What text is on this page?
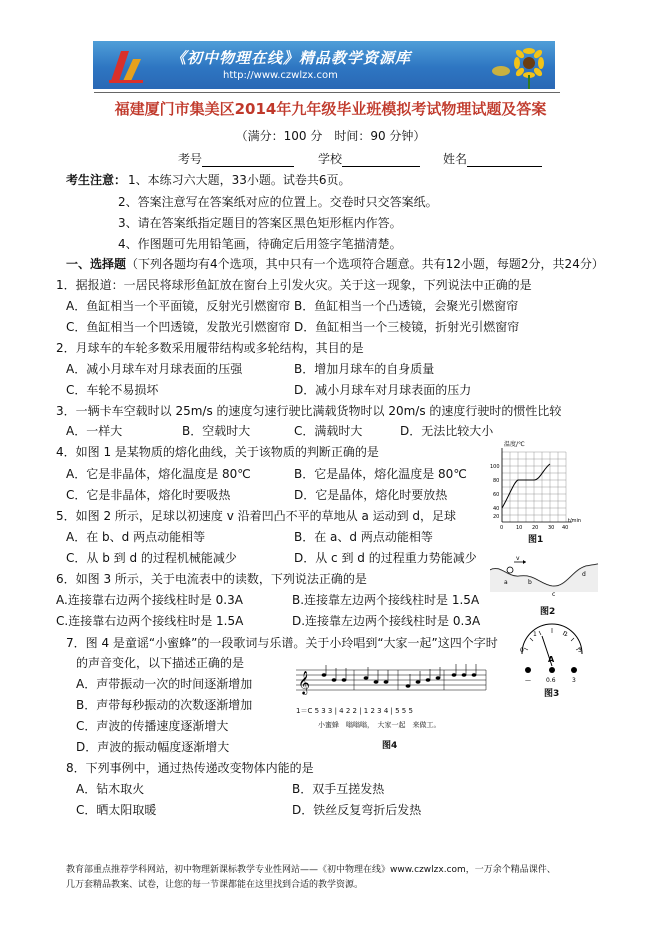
《初中物理在线》精品教学资源库
http://www.czwlzx.com
福建厦门市集美区2014年九年级毕业班模拟考试物理试题及答案
（满分：100 分　时间：90 分钟）
考号	学校	姓名
考生注意： 1、本练习六大题，33小题。试卷共6页。
2、答案注意写在答案纸对应的位置上。交卷时只交答案纸。
3、请在答案纸指定题目的答案区黑色矩形框内作答。
4、作图题可先用铅笔画，待确定后用签字笔描清楚。
一、选择题（下列各题均有4个选项，其中只有一个选项符合题意。共有12小题，每题2分，共24分）
1．据报道：一居民将球形鱼缸放在窗台上引发火灾。关于这一现象，下列说法中正确的是
A．鱼缸相当一个平面镜，反射光引燃窗帘 B．鱼缸相当一个凸透镜，会聚光引燃窗帘
C．鱼缸相当一个凹透镜，发散光引燃窗帘 D．鱼缸相当一个三棱镜，折射光引燃窗帘
2．月球车的车轮多数采用履带结构或多轮结构，其目的是
A．减小月球车对月球表面的压强	B．增加月球车的自身质量
C．车轮不易损坏	D．减小月球车对月球表面的压力
3．一辆卡车空载时以 25m/s 的速度匀速行驶比满载货物时以 20m/s 的速度行驶时的惯性比较
A．一样大	B．空载时大	C．满载时大	D．无法比较大小
4．如图 1 是某物质的熔化曲线，关于该物质的判断正确的是
A．它是非晶体，熔化温度是 80℃	B．它是晶体，熔化温度是 80℃
C．它是非晶体，熔化时要吸热	D．它是晶体，熔化时要放热
温度/℃
100
80
60
40
20
0	10 20 30 40
t/min
图1
5．如图 2 所示，足球以初速度 v 沿着凹凸不平的草地从 a 运动到 d，足球
A．在 b、d 两点动能相等	B．在 a、d 两点动能相等
C．从 b 到 d 的过程机械能减少	D．从 c 到 d 的过程重力势能减少	v
a	b
c
d
图2
6．如图 3 所示，关于电流表中的读数，下列说法正确的是
A.连接靠右边两个接线柱时是 0.3A	B.连接靠左边两个接线柱时是 1.5A
C.连接靠右边两个接线柱时是 1.5A	D.连接靠左边两个接线柱时是 0.3A
0
1	2
3
A
—	0.6	3
图3
7．图 4 是童谣“小蜜蜂”的一段歌词与乐谱。关于小玲唱到“大家一起”这四个字时
的声音变化，以下描述正确的是
A．声带振动一次的时间逐渐增加
B．声带每秒振动的次数逐渐增加
C．声波的传播速度逐渐增大
D．声波的振动幅度逐渐增大
𝄞
1＝C 5 3 3 | 4 2 2 | 1 2 3 4 | 5 5 5
小蜜蜂　嗡嗡嗡，　大家一起　来做工。
图4
8．下列事例中，通过热传递改变物体内能的是
A．钻木取火	B．双手互搓发热
C．晒太阳取暖	D．铁丝反复弯折后发热
教育部重点推荐学科网站，初中物理新课标教学专业性网站——《初中物理在线》www.czwlzx.com，一万余个精品课件、
几万套精品教案、试卷，让您的每一节课都能在这里找到合适的教学资源。
